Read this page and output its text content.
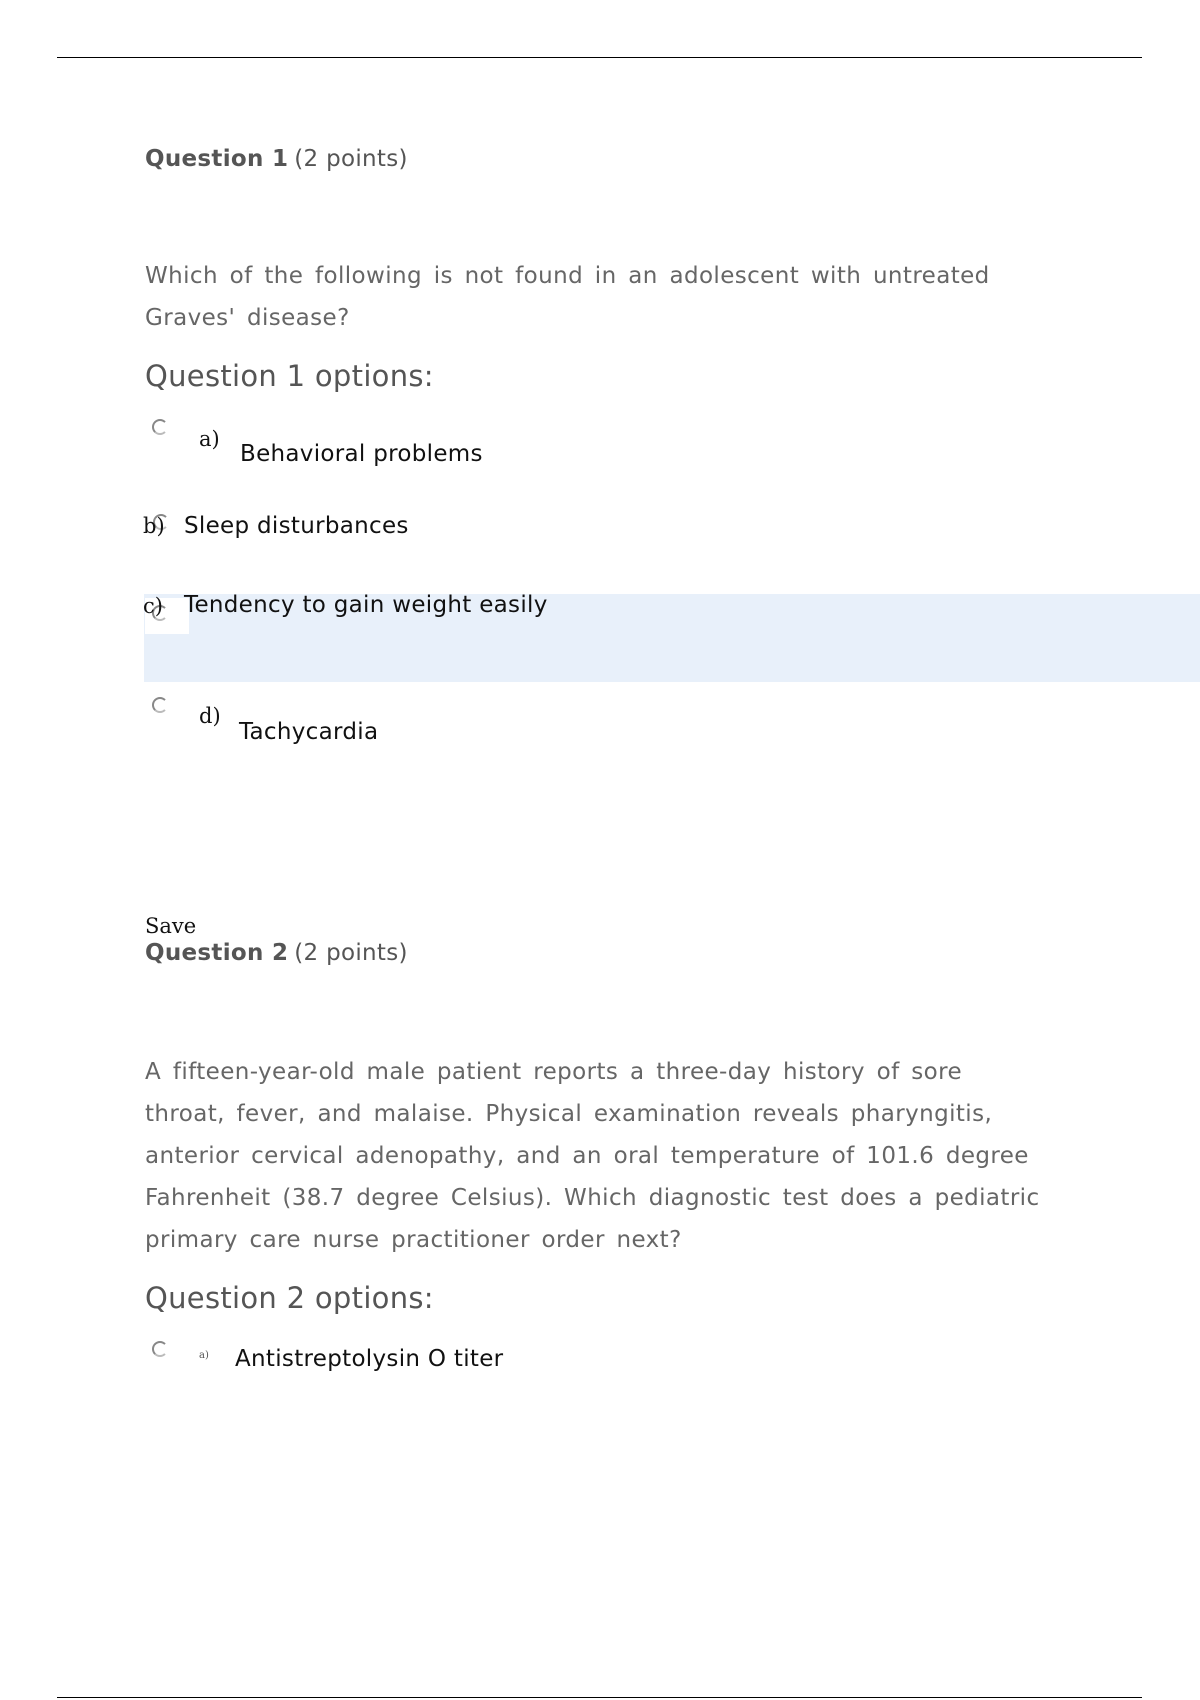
Question 1 (2 points)
Which of the following is not found in an adolescent with untreated Graves' disease?
Question 1 options:
a)
Behavioral problems
b) Sleep disturbances
c) Tendency to gain weight easily
d)
Tachycardia
Save
Question 2 (2 points)
A fifteen-year-old male patient reports a three-day history of sore throat, fever, and malaise. Physical examination reveals pharyngitis, anterior cervical adenopathy, and an oral temperature of 101.6 degree Fahrenheit (38.7 degree Celsius). Which diagnostic test does a pediatric primary care nurse practitioner order next?
Question 2 options:
a) Antistreptolysin O titer
